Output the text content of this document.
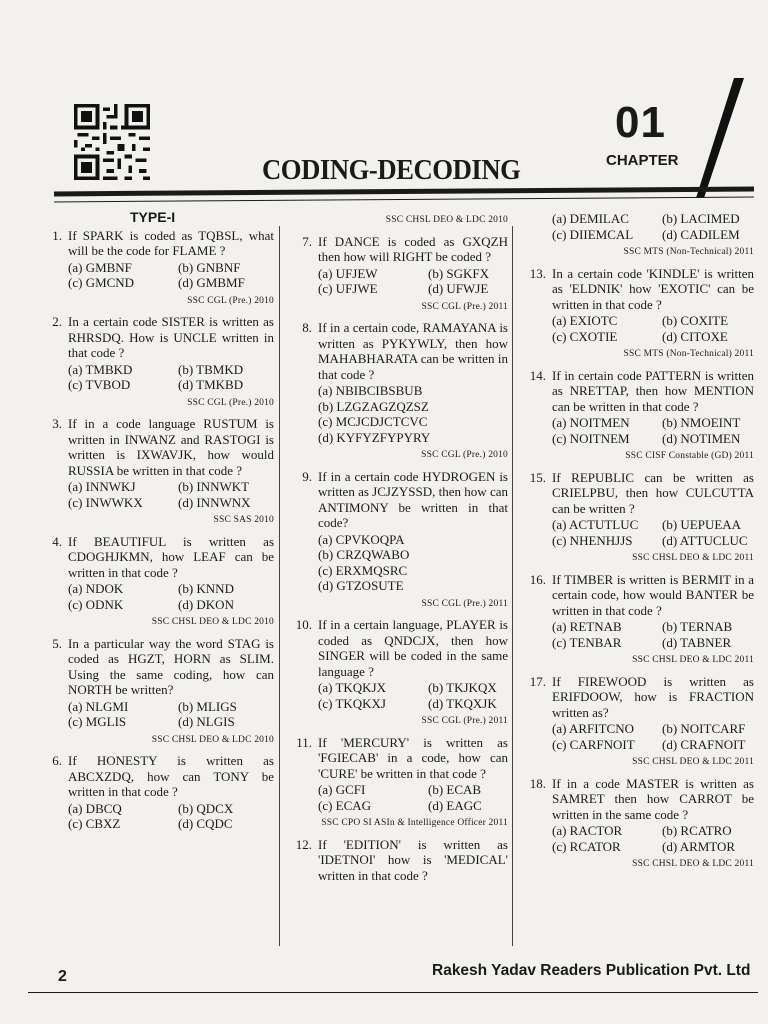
01
CHAPTER
CODING-DECODING
TYPE-I
1. If SPARK is coded as TQBSL, what will be the code for FLAME ?
(a) GMBNF	(b) GNBNF
(c) GMCND	(d) GMBMF
SSC CGL (Pre.) 2010
2. In a certain code SISTER is written as RHRSDQ. How is UNCLE written in that code ?
(a) TMBKD	(b) TBMKD
(c) TVBOD	(d) TMKBD
SSC CGL (Pre.) 2010
3. If in a code language RUSTUM is written in INWANZ and RASTOGI is written is IXWAVJK, how would RUSSIA be written in that code ?
(a) INNWKJ	(b) INNWKT
(c) INWWKX	(d) INNWNX
SSC SAS 2010
4. If BEAUTIFUL is written as CDOGHJKMN, how LEAF can be written in that code ?
(a) NDOK	(b) KNND
(c) ODNK	(d) DKON
SSC CHSL DEO & LDC 2010
5. In a particular way the word STAG is coded as HGZT, HORN as SLIM. Using the same coding, how can NORTH be written?
(a) NLGMI	(b) MLIGS
(c) MGLIS	(d) NLGIS
SSC CHSL DEO & LDC 2010
6. If HONESTY is written as ABCXZDQ, how can TONY be written in that code ?
(a) DBCQ	(b) QDCX
(c) CBXZ	(d) CQDC
SSC CHSL DEO & LDC 2010
7. If DANCE is coded as GXQZH then how will RIGHT be coded ?
(a) UFJEW	(b) SGKFX
(c) UFJWE	(d) UFWJE
SSC CGL (Pre.) 2011
8. If in a certain code, RAMAYANA is written as PYKYWLY, then how MAHABHARATA can be written in that code ?
(a) NBIBCIBSBUB
(b) LZGZAGZQZSZ
(c) MCJCDJCTCVC
(d) KYFYZFYPYRY
SSC CGL (Pre.) 2010
9. If in a certain code HYDROGEN is written as JCJZYSSD, then how can ANTIMONY be written in that code?
(a) CPVKOQPA
(b) CRZQWABO
(c) ERXMQSRC
(d) GTZOSUTE
SSC CGL (Pre.) 2011
10. If in a certain language, PLAYER is coded as QNDCJX, then how SINGER will be coded in the same language ?
(a) TKQKJX	(b) TKJKQX
(c) TKQKXJ	(d) TKQXJK
SSC CGL (Pre.) 2011
11. If 'MERCURY' is written as 'FGIECAB' in a code, how can 'CURE' be written in that code ?
(a) GCFI	(b) ECAB
(c) ECAG	(d) EAGC
SSC CPO SI ASIn & Intelligence Officer 2011
12. If 'EDITION' is written as 'IDETNOI' how is 'MEDICAL' written in that code ?
(a) DEMILAC	(b) LACIMED
(c) DIIEMCAL	(d) CADILEM
SSC MTS (Non-Technical) 2011
13. In a certain code 'KINDLE' is written as 'ELDNIK' how 'EXOTIC' can be written in that code ?
(a) EXIOTC	(b) COXITE
(c) CXOTIE	(d) CITOXE
SSC MTS (Non-Technical) 2011
14. If in certain code PATTERN is written as NRETTAP, then how MENTION can be written in that code ?
(a) NOITMEN	(b) NMOEINT
(c) NOITNEM	(d) NOTIMEN
SSC CISF Constable (GD) 2011
15. If REPUBLIC can be written as CRIELPBU, then how CULCUTTA can be written ?
(a) ACTUTLUC	(b) UEPUEAA
(c) NHENHJJS	(d) ATTUCLUC
SSC CHSL DEO & LDC 2011
16. If TIMBER is written is BERMIT in a certain code, how would BANTER be written in that code ?
(a) RETNAB	(b) TERNAB
(c) TENBAR	(d) TABNER
SSC CHSL DEO & LDC 2011
17. If FIREWOOD is written as ERIFDOOW, how is FRACTION written as?
(a) ARFITCNO	(b) NOITCARF
(c) CARFNOIT	(d) CRAFNOIT
SSC CHSL DEO & LDC 2011
18. If in a code MASTER is written as SAMRET then how CARROT be written in the same code ?
(a) RACTOR	(b) RCATRO
(c) RCATOR	(d) ARMTOR
SSC CHSL DEO & LDC 2011
2	Rakesh Yadav Readers Publication Pvt. Ltd
